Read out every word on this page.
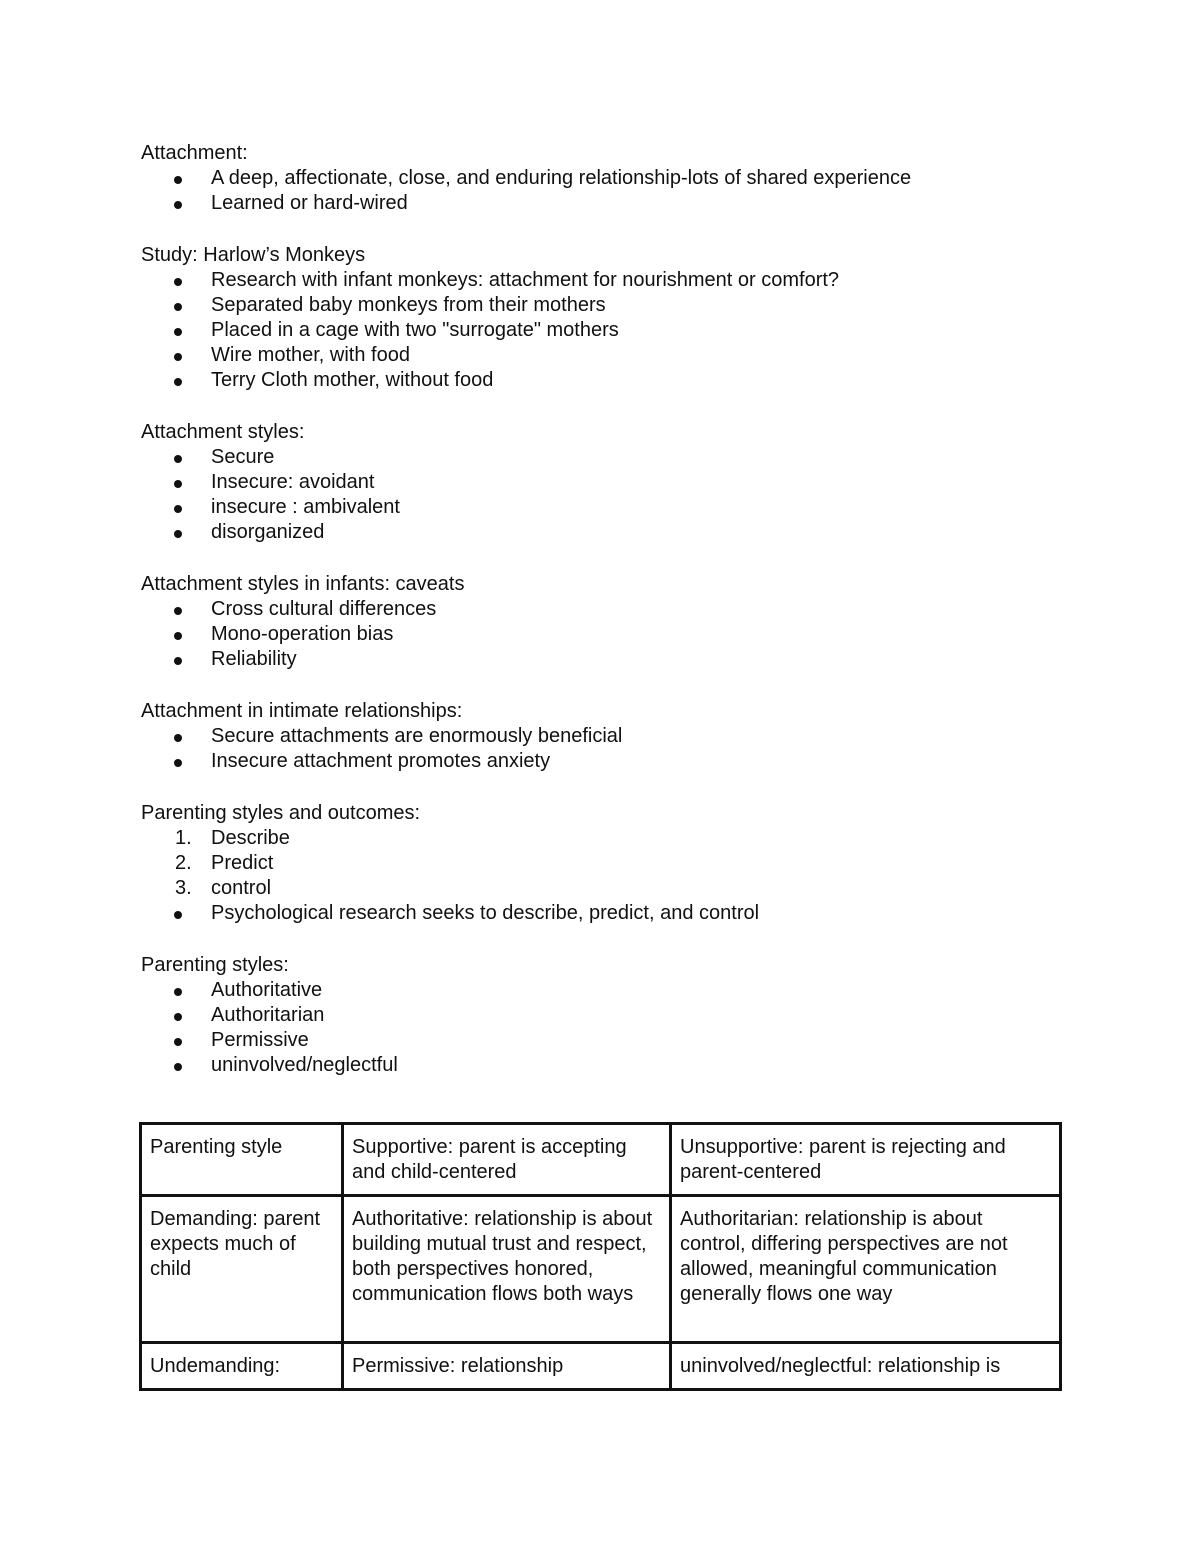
Attachment:

A deep, affectionate, close, and enduring relationship-lots of shared experience
Learned or hard-wired

Study: Harlow’s Monkeys

Research with infant monkeys: attachment for nourishment or comfort?
Separated baby monkeys from their mothers
Placed in a cage with two "surrogate" mothers
Wire mother, with food
Terry Cloth mother, without food

Attachment styles:

Secure
Insecure: avoidant
insecure : ambivalent
disorganized

Attachment styles in infants: caveats

Cross cultural differences
Mono-operation bias
Reliability

Attachment in intimate relationships:

Secure attachments are enormously beneficial
Insecure attachment promotes anxiety

Parenting styles and outcomes:

1. Describe
2. Predict
3. control
Psychological research seeks to describe, predict, and control

Parenting styles:

Authoritative
Authoritarian
Permissive
uninvolved/neglectful
Parenting style	Supportive: parent is accepting and child-centered	Unsupportive: parent is rejecting and parent-centered
Demanding: parent expects much of child	Authoritative: relationship is about building mutual trust and respect, both perspectives honored, communication flows both ways	Authoritarian: relationship is about control, differing perspectives are not allowed, meaningful communication generally flows one way
Undemanding:	Permissive: relationship	uninvolved/neglectful: relationship is
